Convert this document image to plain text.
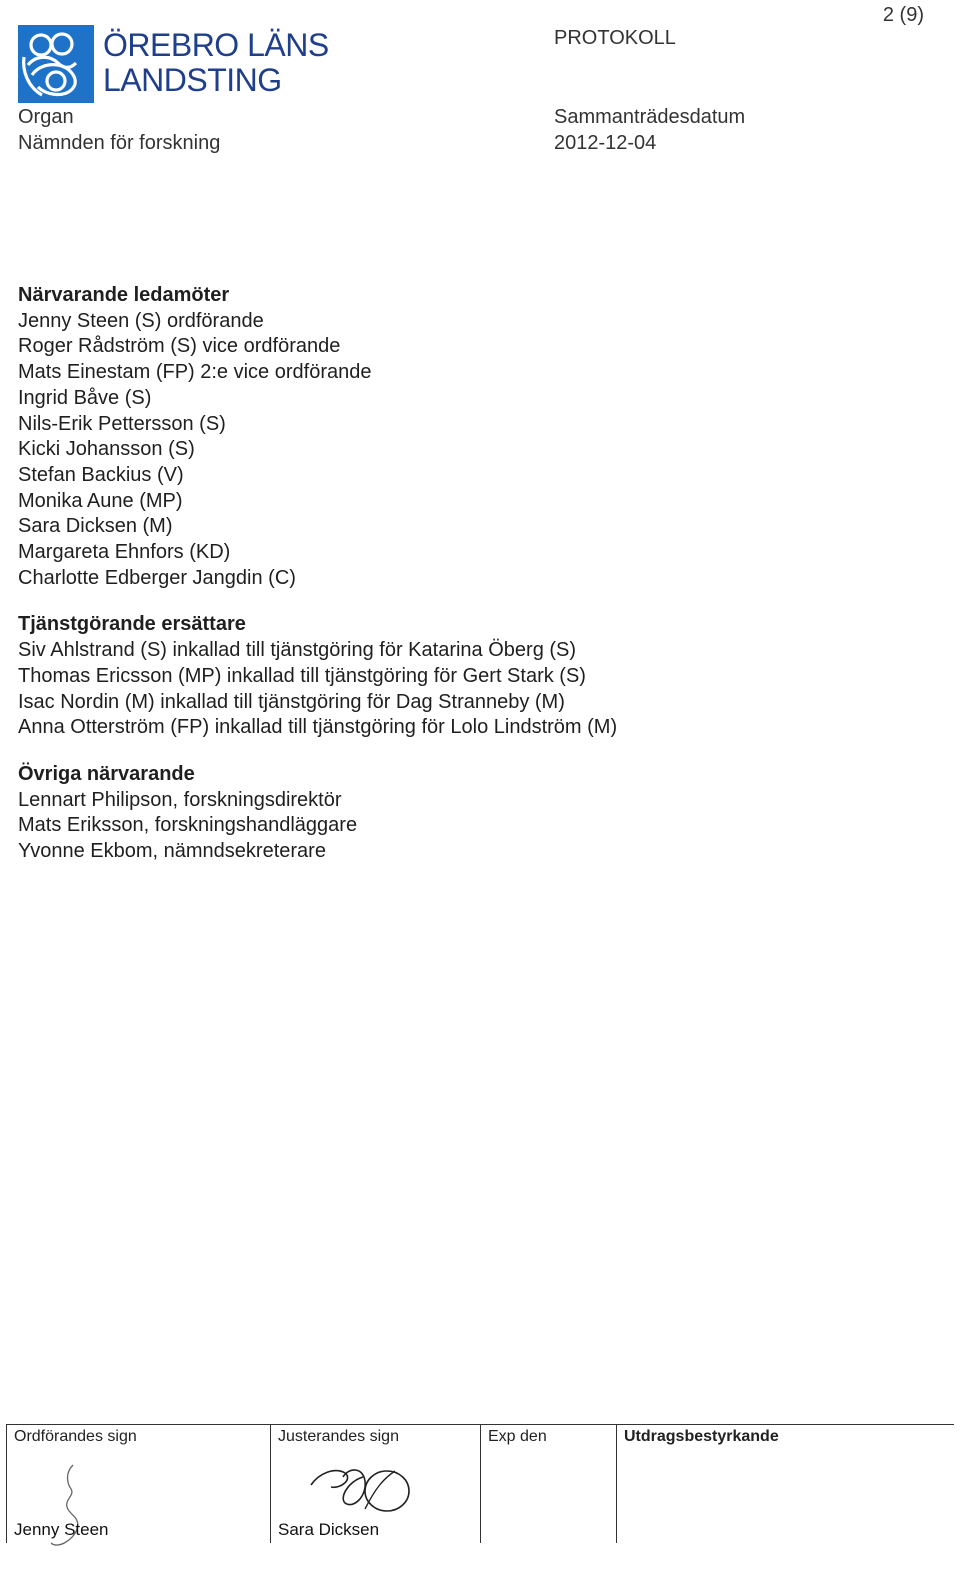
ÖREBRO LÄNS
LANDSTING
PROTOKOLL
2 (9)
Organ
Nämnden för forskning
Sammanträdesdatum
2012-12-04
Närvarande ledamöter
Jenny Steen (S) ordförande
Roger Rådström (S) vice ordförande
Mats Einestam (FP) 2:e vice ordförande
Ingrid Båve (S)
Nils-Erik Pettersson (S)
Kicki Johansson (S)
Stefan Backius (V)
Monika Aune (MP)
Sara Dicksen (M)
Margareta Ehnfors (KD)
Charlotte Edberger Jangdin (C)
Tjänstgörande ersättare
Siv Ahlstrand (S) inkallad till tjänstgöring för Katarina Öberg (S)
Thomas Ericsson (MP) inkallad till tjänstgöring för Gert Stark (S)
Isac Nordin (M) inkallad till tjänstgöring för Dag Stranneby (M)
Anna Otterström (FP) inkallad till tjänstgöring för Lolo Lindström (M)
Övriga närvarande
Lennart Philipson, forskningsdirektör
Mats Eriksson, forskningshandläggare
Yvonne Ekbom, nämndsekreterare
Ordförandes sign
Jenny Steen
Justerandes sign
Sara Dicksen
Exp den	Utdragsbestyrkande
